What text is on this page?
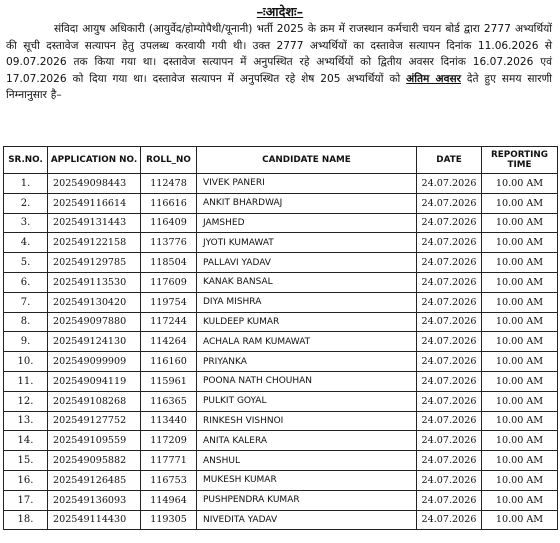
–ःआदेशः–
संविदा आयुष अधिकारी (आयुर्वेद/होम्योपैथी/यूनानी) भर्ती 2025 के क्रम में राजस्थान कर्मचारी चयन बोर्ड द्वारा 2777 अभ्यर्थियों की सूची दस्तावेज सत्यापन हेतु उपलब्ध करवायी गयी थी। उक्त 2777 अभ्यर्थियों का दस्तावेज सत्यापन दिनांक 11.06.2026 से 09.07.2026 तक किया गया था। दस्तावेज सत्यापन में अनुपस्थित रहे अभ्यर्थियों को द्वितीय अवसर दिनांक 16.07.2026 एवं 17.07.2026 को दिया गया था। दस्तावेज सत्यापन में अनुपस्थित रहे शेष 205 अभ्यर्थियों को अंतिम अवसर देते हुए समय सारणी निम्नानुसार है–
SR.NO.	APPLICATION NO.	ROLL_NO	CANDIDATE NAME	DATE	REPORTING TIME
1.	202549098443	112478	VIVEK PANERI	24.07.2026	10.00 AM
2.	202549116614	116616	ANKIT BHARDWAJ	24.07.2026	10.00 AM
3.	202549131443	116409	JAMSHED	24.07.2026	10.00 AM
4.	202549122158	113776	JYOTI KUMAWAT	24.07.2026	10.00 AM
5.	202549129785	118504	PALLAVI YADAV	24.07.2026	10.00 AM
6.	202549113530	117609	KANAK BANSAL	24.07.2026	10.00 AM
7.	202549130420	119754	DIYA MISHRA	24.07.2026	10.00 AM
8.	202549097880	117244	KULDEEP KUMAR	24.07.2026	10.00 AM
9.	202549124130	114264	ACHALA RAM KUMAWAT	24.07.2026	10.00 AM
10.	202549099909	116160	PRIYANKA	24.07.2026	10.00 AM
11.	202549094119	115961	POONA NATH CHOUHAN	24.07.2026	10.00 AM
12.	202549108268	116365	PULKIT GOYAL	24.07.2026	10.00 AM
13.	202549127752	113440	RINKESH VISHNOI	24.07.2026	10.00 AM
14.	202549109559	117209	ANITA KALERA	24.07.2026	10.00 AM
15.	202549095882	117771	ANSHUL	24.07.2026	10.00 AM
16.	202549126485	116753	MUKESH KUMAR	24.07.2026	10.00 AM
17.	202549136093	114964	PUSHPENDRA KUMAR	24.07.2026	10.00 AM
18.	202549114430	119305	NIVEDITA YADAV	24.07.2026	10.00 AM
